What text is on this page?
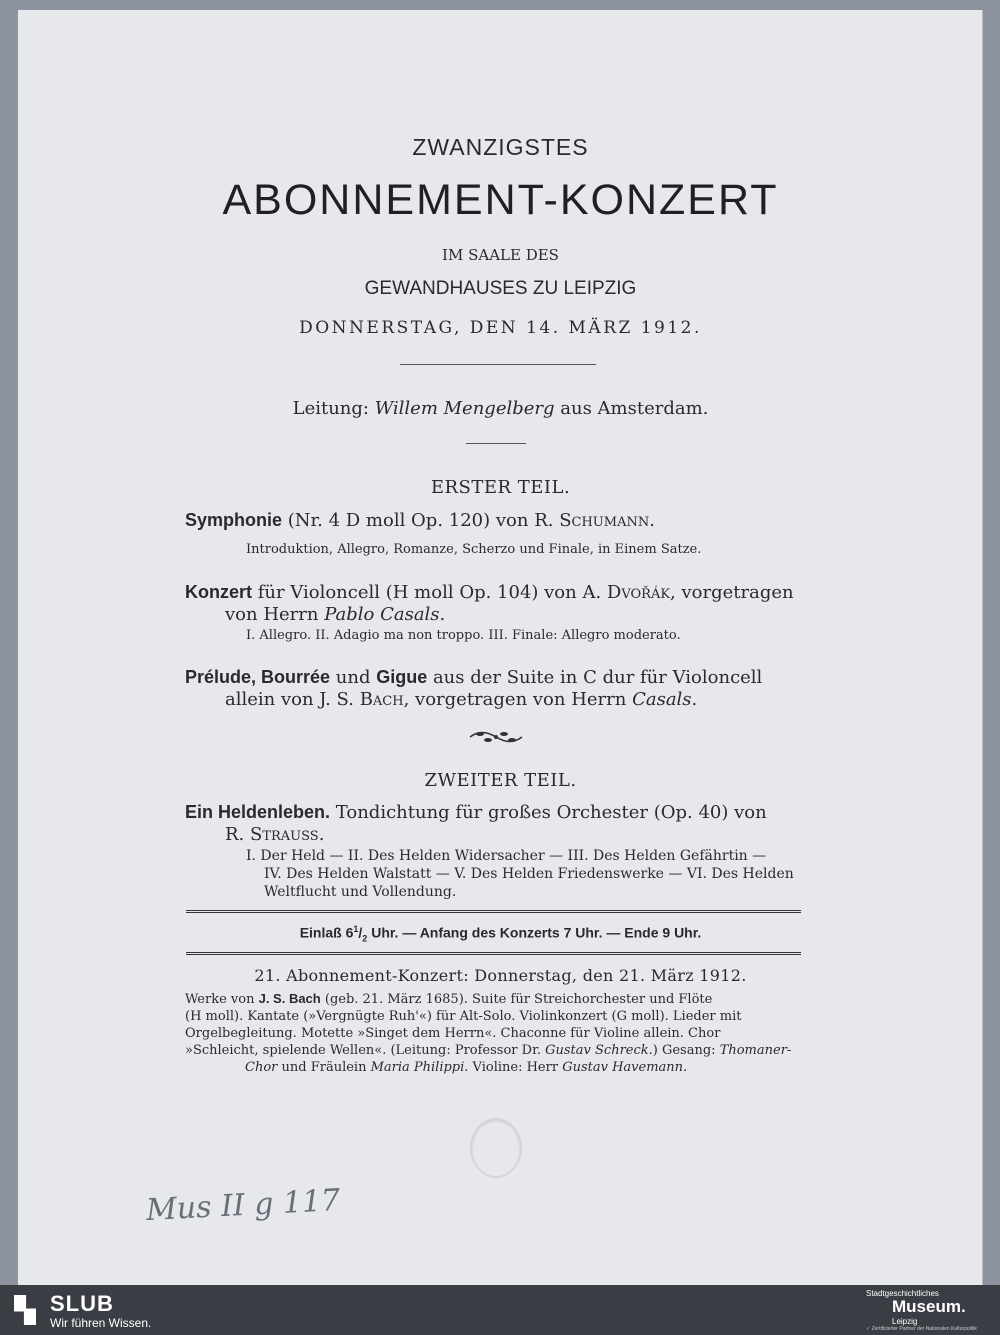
ZWANZIGSTES
ABONNEMENT-KONZERT
IM SAALE DES
GEWANDHAUSES ZU LEIPZIG
DONNERSTAG, DEN 14. MÄRZ 1912.
Leitung: Willem Mengelberg aus Amsterdam.
ERSTER TEIL.
Symphonie (Nr. 4 D moll Op. 120) von R. Schumann.
Introduktion, Allegro, Romanze, Scherzo und Finale, in Einem Satze.
Konzert für Violoncell (H moll Op. 104) von A. Dvořák, vorgetragen
von Herrn Pablo Casals.
I. Allegro. II. Adagio ma non troppo. III. Finale: Allegro moderato.
Prélude, Bourrée und Gigue aus der Suite in C dur für Violoncell
allein von J. S. Bach, vorgetragen von Herrn Casals.
ZWEITER TEIL.
Ein Heldenleben. Tondichtung für großes Orchester (Op. 40) von
R. Strauss.
I. Der Held — II. Des Helden Widersacher — III. Des Helden Gefährtin —
IV. Des Helden Walstatt — V. Des Helden Friedenswerke — VI. Des Helden
Weltflucht und Vollendung.
Einlaß $6^1/_2$ Uhr. — Anfang des Konzerts 7 Uhr. — Ende 9 Uhr.
21. Abonnement-Konzert: Donnerstag, den 21. März 1912.
Werke von J. S. Bach (geb. 21. März 1685). Suite für Streichorchester und Flöte
(H moll). Kantate (»Vergnügte Ruh'«) für Alt-Solo. Violinkonzert (G moll). Lieder mit
Orgelbegleitung. Motette »Singet dem Herrn«. Chaconne für Violine allein. Chor
»Schleicht, spielende Wellen«. (Leitung: Professor Dr. Gustav Schreck.) Gesang: Thomaner-
Chor und Fräulein Maria Philippi. Violine: Herr Gustav Havemann.
Mus II g 117
SLUB
Wir führen Wissen.
Stadtgeschichtliches
Museum.
Leipzig
✓ Zertifizierter Partner der Nationalen Kulturpolitik
